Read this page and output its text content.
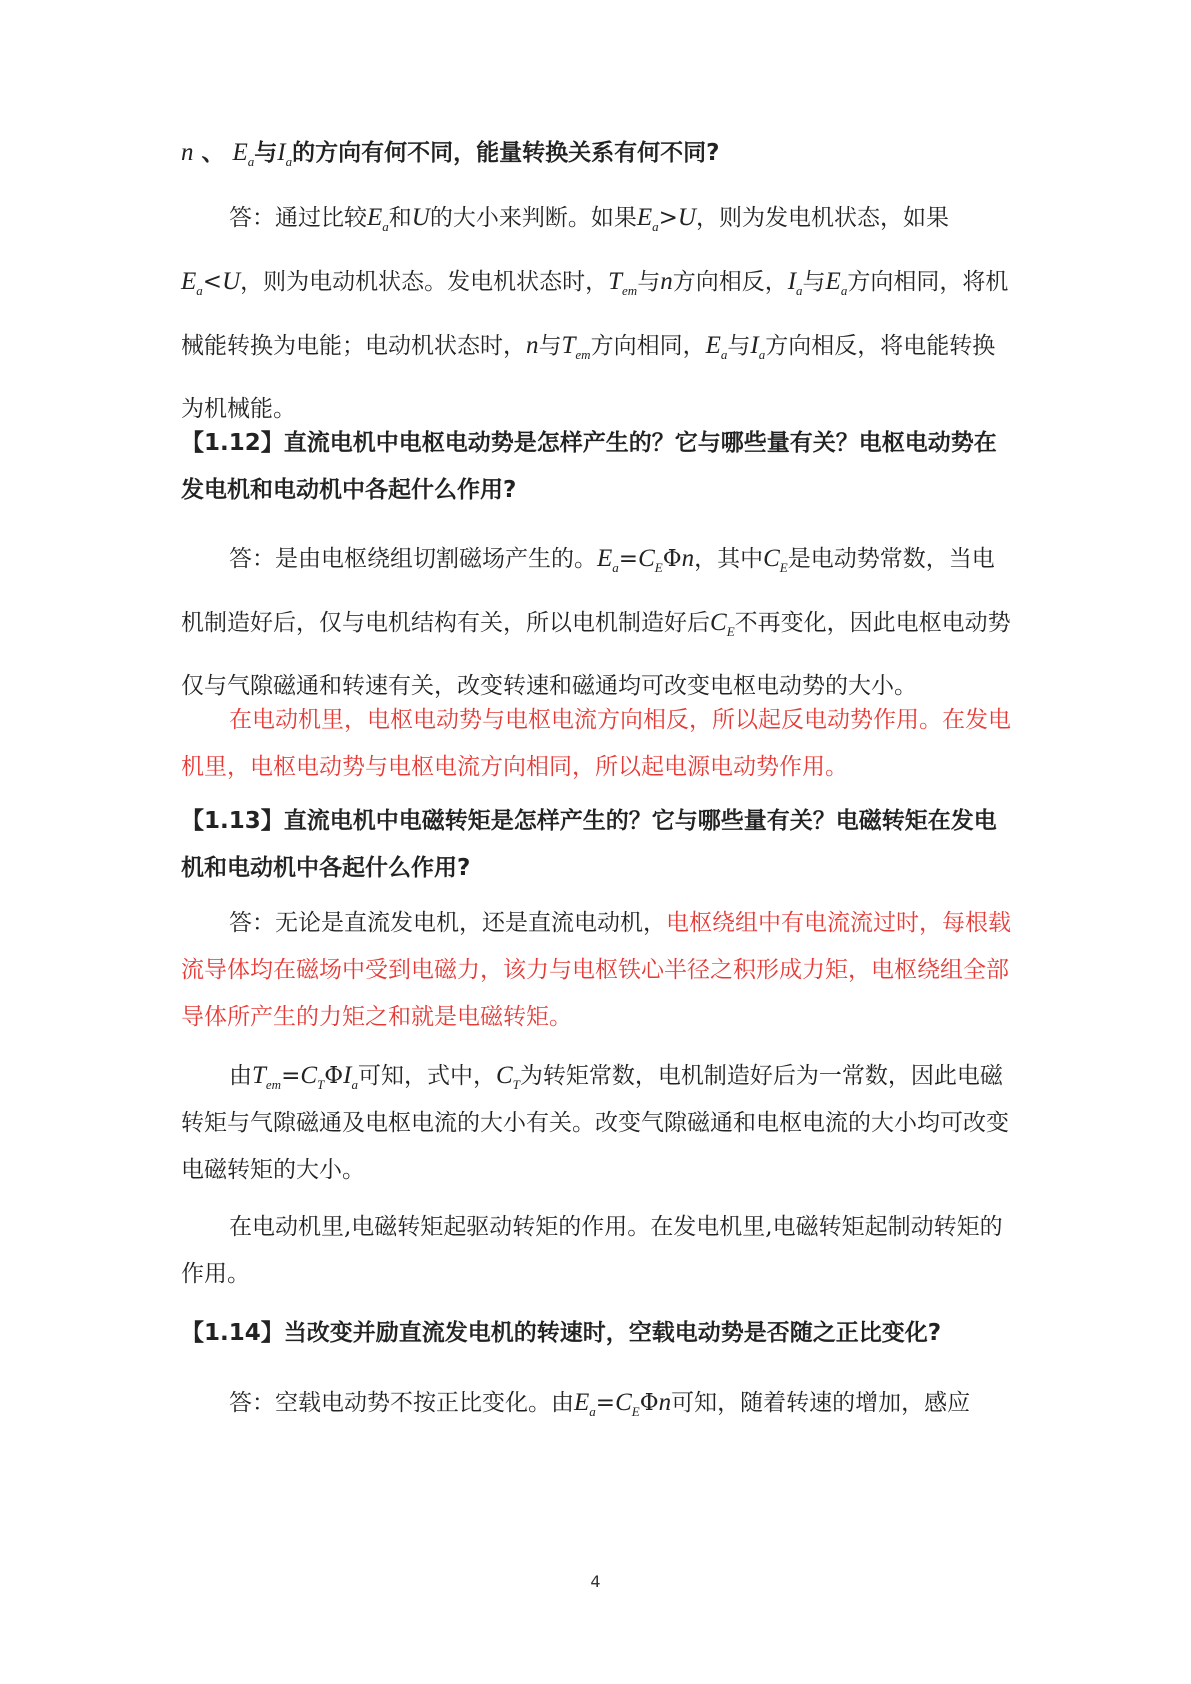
n 、 $E_a$与$I_a$的方向有何不同，能量转换关系有何不同?
答：通过比较$E_a$和U的大小来判断。如果$E_a>U$，则为发电机状态，如果$E_a<U$，则为电动机状态。发电机状态时，$T_{em}$与n方向相反，$I_a$与$E_a$方向相同，将机械能转换为电能；电动机状态时，n与$T_{em}$方向相同，$E_a$与$I_a$方向相反，将电能转换为机械能。
【1.12】直流电机中电枢电动势是怎样产生的？它与哪些量有关？电枢电动势在发电机和电动机中各起什么作用?
答：是由电枢绕组切割磁场产生的。$E_a=C_E\Phi n$，其中$C_E$是电动势常数，当电机制造好后，仅与电机结构有关，所以电机制造好后$C_E$不再变化，因此电枢电动势仅与气隙磁通和转速有关，改变转速和磁通均可改变电枢电动势的大小。
在电动机里，电枢电动势与电枢电流方向相反，所以起反电动势作用。在发电机里，电枢电动势与电枢电流方向相同，所以起电源电动势作用。
【1.13】直流电机中电磁转矩是怎样产生的？它与哪些量有关？电磁转矩在发电机和电动机中各起什么作用?
答：无论是直流发电机，还是直流电动机，电枢绕组中有电流流过时，每根载流导体均在磁场中受到电磁力，该力与电枢铁心半径之积形成力矩，电枢绕组全部导体所产生的力矩之和就是电磁转矩。
由$T_{em}=C_T\Phi I_a$可知，式中，$C_T$为转矩常数，电机制造好后为一常数，因此电磁转矩与气隙磁通及电枢电流的大小有关。改变气隙磁通和电枢电流的大小均可改变电磁转矩的大小。
在电动机里,电磁转矩起驱动转矩的作用。在发电机里,电磁转矩起制动转矩的作用。
【1.14】当改变并励直流发电机的转速时，空载电动势是否随之正比变化?
答：空载电动势不按正比变化。由$E_a=C_E\Phi n$可知，随着转速的增加，感应
4
